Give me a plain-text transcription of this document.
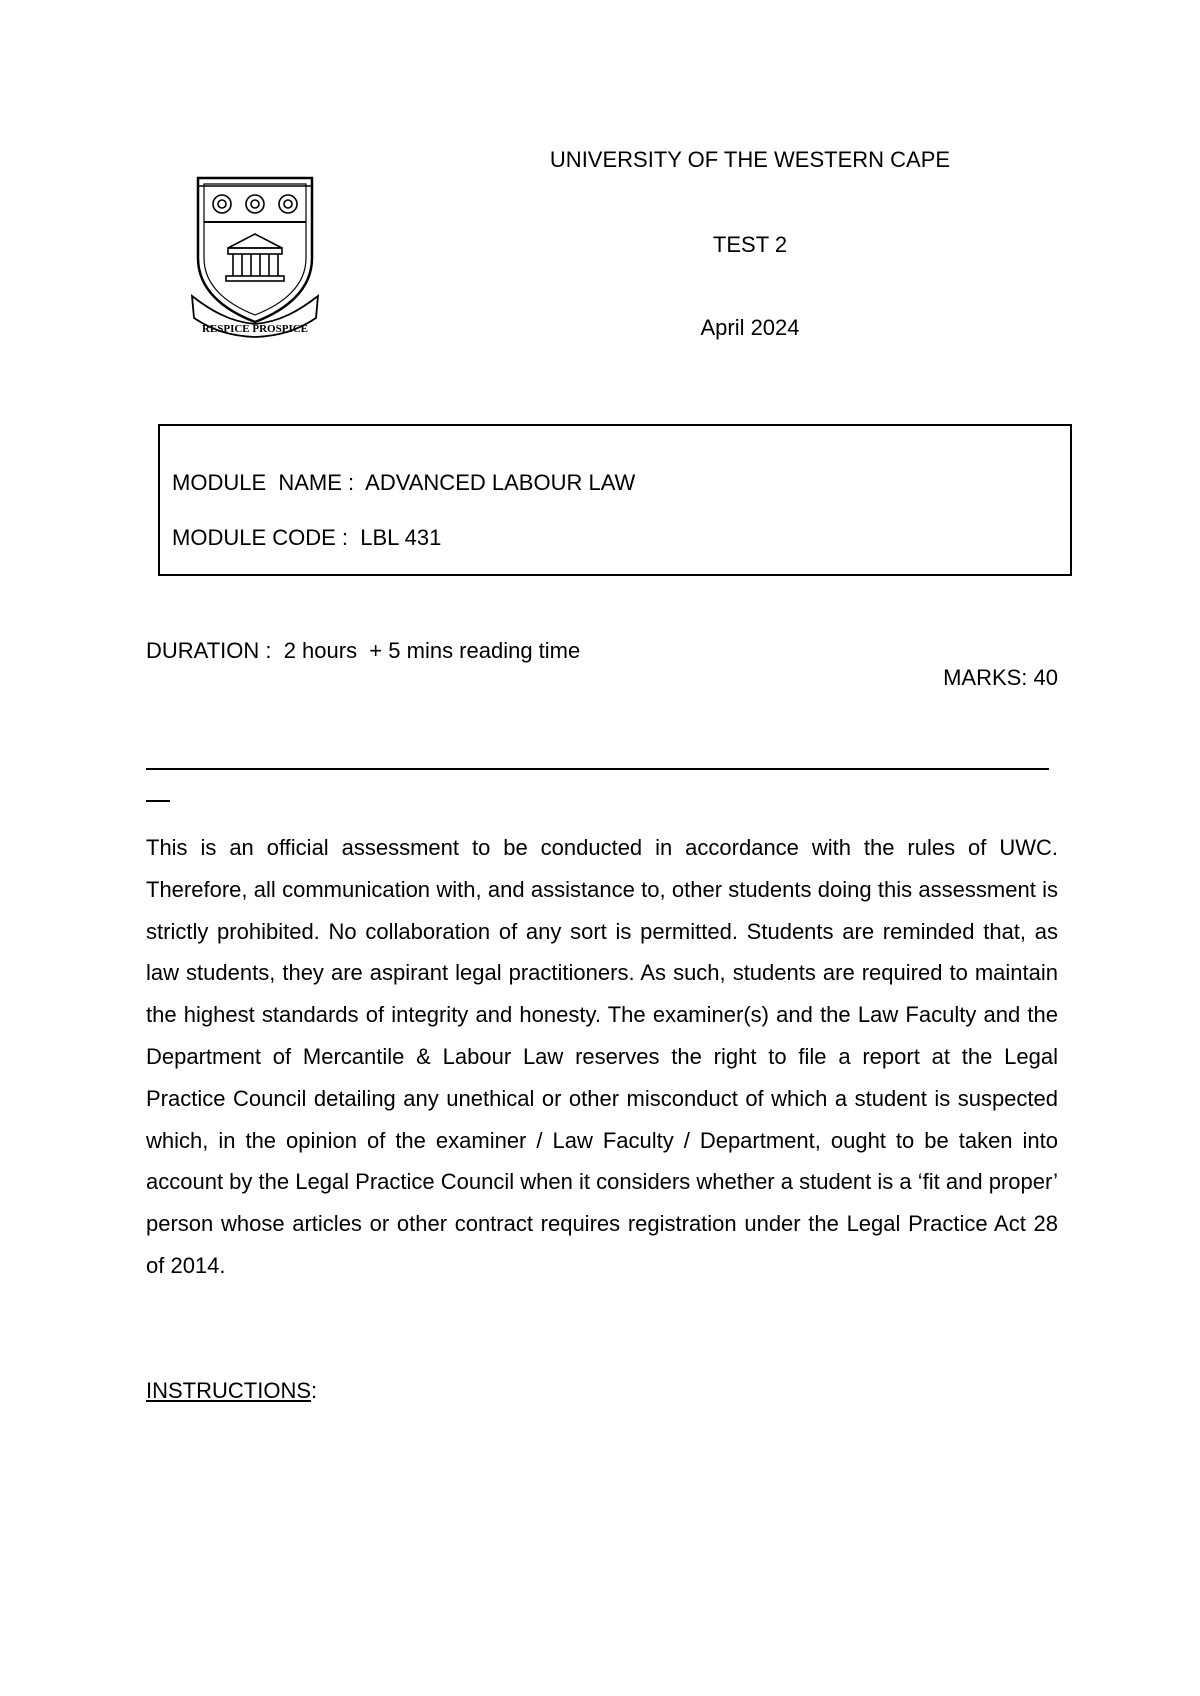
RESPICE PROSPICE
UNIVERSITY OF THE WESTERN CAPE
TEST 2
April 2024
MODULE  NAME :  ADVANCED LABOUR LAW
MODULE CODE :  LBL 431
DURATION :  2 hours  + 5 mins reading time
MARKS: 40

This is an official assessment to be conducted in accordance with the rules of UWC. Therefore, all communication with, and assistance to, other students doing this assessment is strictly prohibited. No collaboration of any sort is permitted. Students are reminded that, as law students, they are aspirant legal practitioners. As such, students are required to maintain the highest standards of integrity and honesty. The examiner(s) and the Law Faculty and the Department of Mercantile & Labour Law reserves the right to file a report at the Legal Practice Council detailing any unethical or other misconduct of which a student is suspected which, in the opinion of the examiner / Law Faculty / Department, ought to be taken into account by the Legal Practice Council when it considers whether a student is a ‘fit and proper’ person whose articles or other contract requires registration under the Legal Practice Act 28 of 2014.

INSTRUCTIONS:
